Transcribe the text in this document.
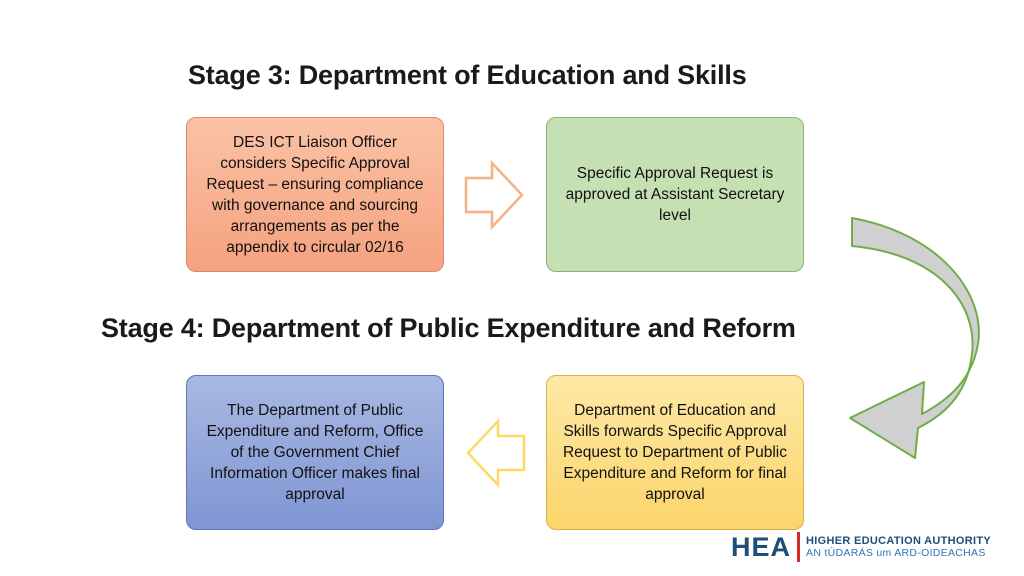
Stage 3: Department of Education and Skills
DES ICT Liaison Officer considers Specific Approval Request – ensuring compliance with governance and sourcing arrangements as per the appendix to circular 02/16
Specific Approval Request is approved at Assistant Secretary level
Stage 4: Department of Public Expenditure and Reform
The Department of Public Expenditure and Reform, Office of the Government Chief Information Officer makes final approval
Department of Education and Skills forwards Specific Approval Request to Department of Public Expenditure and Reform for final approval
HEA HIGHER EDUCATION AUTHORITY
AN tÚDARÁS um ARD-OIDEACHAS
